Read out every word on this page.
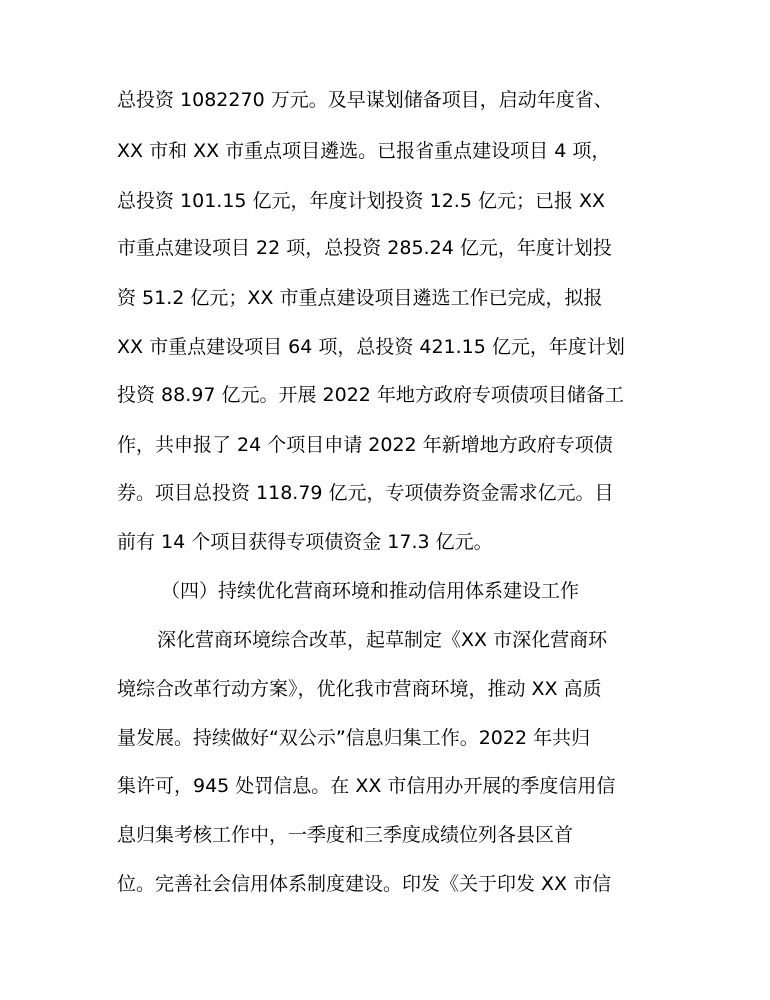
总投资 1082270 万元。及早谋划储备项目，启动年度省、
XX 市和 XX 市重点项目遴选。已报省重点建设项目 4 项，
总投资 101.15 亿元，年度计划投资 12.5 亿元；已报 XX
市重点建设项目 22 项，总投资 285.24 亿元，年度计划投
资 51.2 亿元；XX 市重点建设项目遴选工作已完成，拟报
XX 市重点建设项目 64 项，总投资 421.15 亿元，年度计划
投资 88.97 亿元。开展 2022 年地方政府专项债项目储备工
作，共申报了 24 个项目申请 2022 年新增地方政府专项债
券。项目总投资 118.79 亿元，专项债券资金需求亿元。目
前有 14 个项目获得专项债资金 17.3 亿元。
（四）持续优化营商环境和推动信用体系建设工作
深化营商环境综合改革，起草制定《XX 市深化营商环
境综合改革行动方案》，优化我市营商环境，推动 XX 高质
量发展。持续做好“双公示”信息归集工作。2022 年共归
集许可，945 处罚信息。在 XX 市信用办开展的季度信用信
息归集考核工作中，一季度和三季度成绩位列各县区首
位。完善社会信用体系制度建设。印发《关于印发 XX 市信
